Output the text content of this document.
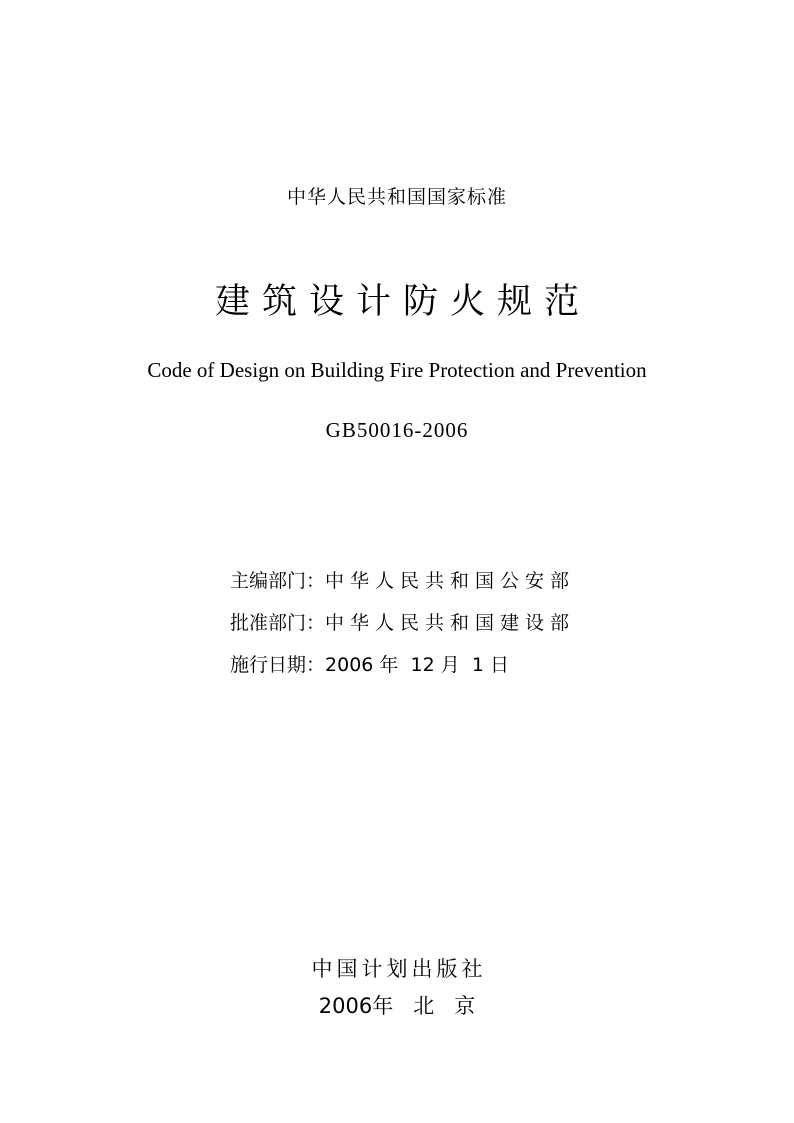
中华人民共和国国家标准
建筑设计防火规范
Code of Design on Building Fire Protection and Prevention
GB50016-2006
主编部门：中华人民共和国公安部
批准部门：中华人民共和国建设部
施行日期：2006 年 12 月 1 日
中国计划出版社
2006年 北 京
